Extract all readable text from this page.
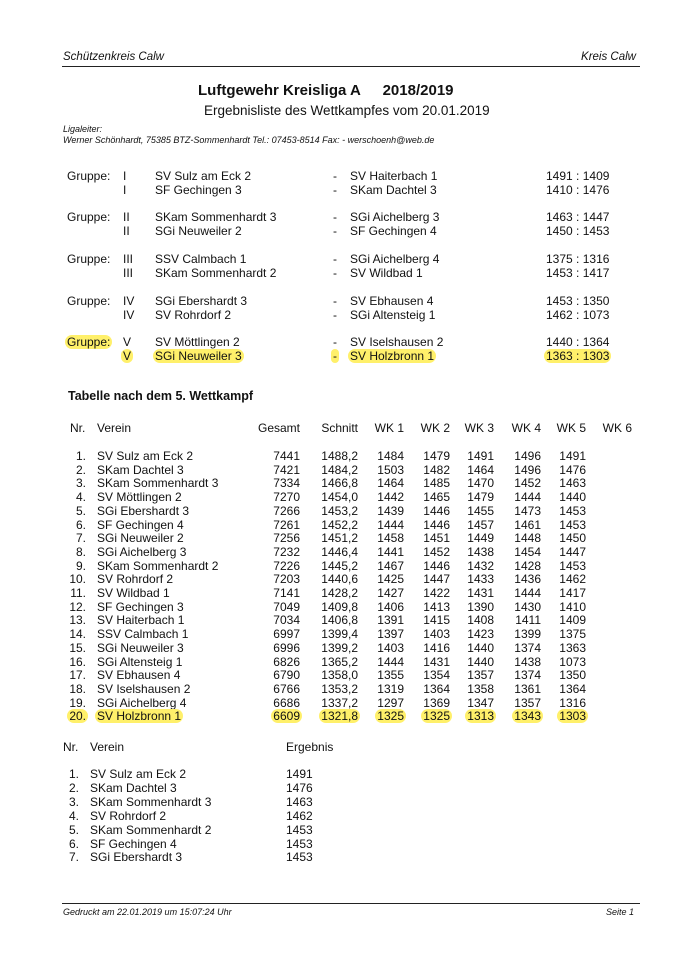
Schützenkreis Calw	Kreis Calw
Luftgewehr Kreisliga A 2018/2019
Ergebnisliste des Wettkampfes vom 20.01.2019
Ligaleiter:
Werner Schönhardt, 75385 BTZ-Sommenhardt Tel.: 07453-8514 Fax: - werschoenh@web.de
Gruppe: I SV Sulz am Eck 2	- SV Haiterbach 1	1491 : 1409
I SF Gechingen 3	- SKam Dachtel 3	1410 : 1476
Gruppe: II SKam Sommenhardt 3	- SGi Aichelberg 3	1463 : 1447
II SGi Neuweiler 2	- SF Gechingen 4	1450 : 1453
Gruppe: III SSV Calmbach 1	- SGi Aichelberg 4	1375 : 1316
III SKam Sommenhardt 2	- SV Wildbad 1	1453 : 1417
Gruppe: IV SGi Ebershardt 3	- SV Ebhausen 4	1453 : 1350
IV SV Rohrdorf 2	- SGi Altensteig 1	1462 : 1073
Gruppe: V SV Möttlingen 2	- SV Iselshausen 2	1440 : 1364
V SGi Neuweiler 3	- SV Holzbronn 1	1363 : 1303
Tabelle nach dem 5. Wettkampf
Nr. Verein	Gesamt	Schnitt	WK 1	WK 2	WK 3	WK 4	WK 5	WK 6
1. SV Sulz am Eck 2	7441	1488,2	1484	1479	1491	1496	1491
2. SKam Dachtel 3	7421	1484,2	1503	1482	1464	1496	1476
3. SKam Sommenhardt 3	7334	1466,8	1464	1485	1470	1452	1463
4. SV Möttlingen 2	7270	1454,0	1442	1465	1479	1444	1440
5. SGi Ebershardt 3	7266	1453,2	1439	1446	1455	1473	1453
6. SF Gechingen 4	7261	1452,2	1444	1446	1457	1461	1453
7. SGi Neuweiler 2	7256	1451,2	1458	1451	1449	1448	1450
8. SGi Aichelberg 3	7232	1446,4	1441	1452	1438	1454	1447
9. SKam Sommenhardt 2	7226	1445,2	1467	1446	1432	1428	1453
10. SV Rohrdorf 2	7203	1440,6	1425	1447	1433	1436	1462
11. SV Wildbad 1	7141	1428,2	1427	1422	1431	1444	1417
12. SF Gechingen 3	7049	1409,8	1406	1413	1390	1430	1410
13. SV Haiterbach 1	7034	1406,8	1391	1415	1408	1411	1409
14. SSV Calmbach 1	6997	1399,4	1397	1403	1423	1399	1375
15. SGi Neuweiler 3	6996	1399,2	1403	1416	1440	1374	1363
16. SGi Altensteig 1	6826	1365,2	1444	1431	1440	1438	1073
17. SV Ebhausen 4	6790	1358,0	1355	1354	1357	1374	1350
18. SV Iselshausen 2	6766	1353,2	1319	1364	1358	1361	1364
19. SGi Aichelberg 4	6686	1337,2	1297	1369	1347	1357	1316
20. SV Holzbronn 1	6609	1321,8	1325	1325	1313	1343	1303
Nr. Verein	Ergebnis
1. SV Sulz am Eck 2	1491
2. SKam Dachtel 3	1476
3. SKam Sommenhardt 3	1463
4. SV Rohrdorf 2	1462
5. SKam Sommenhardt 2	1453
6. SF Gechingen 4	1453
7. SGi Ebershardt 3	1453
Gedruckt am 22.01.2019 um 15:07:24 Uhr	Seite 1
